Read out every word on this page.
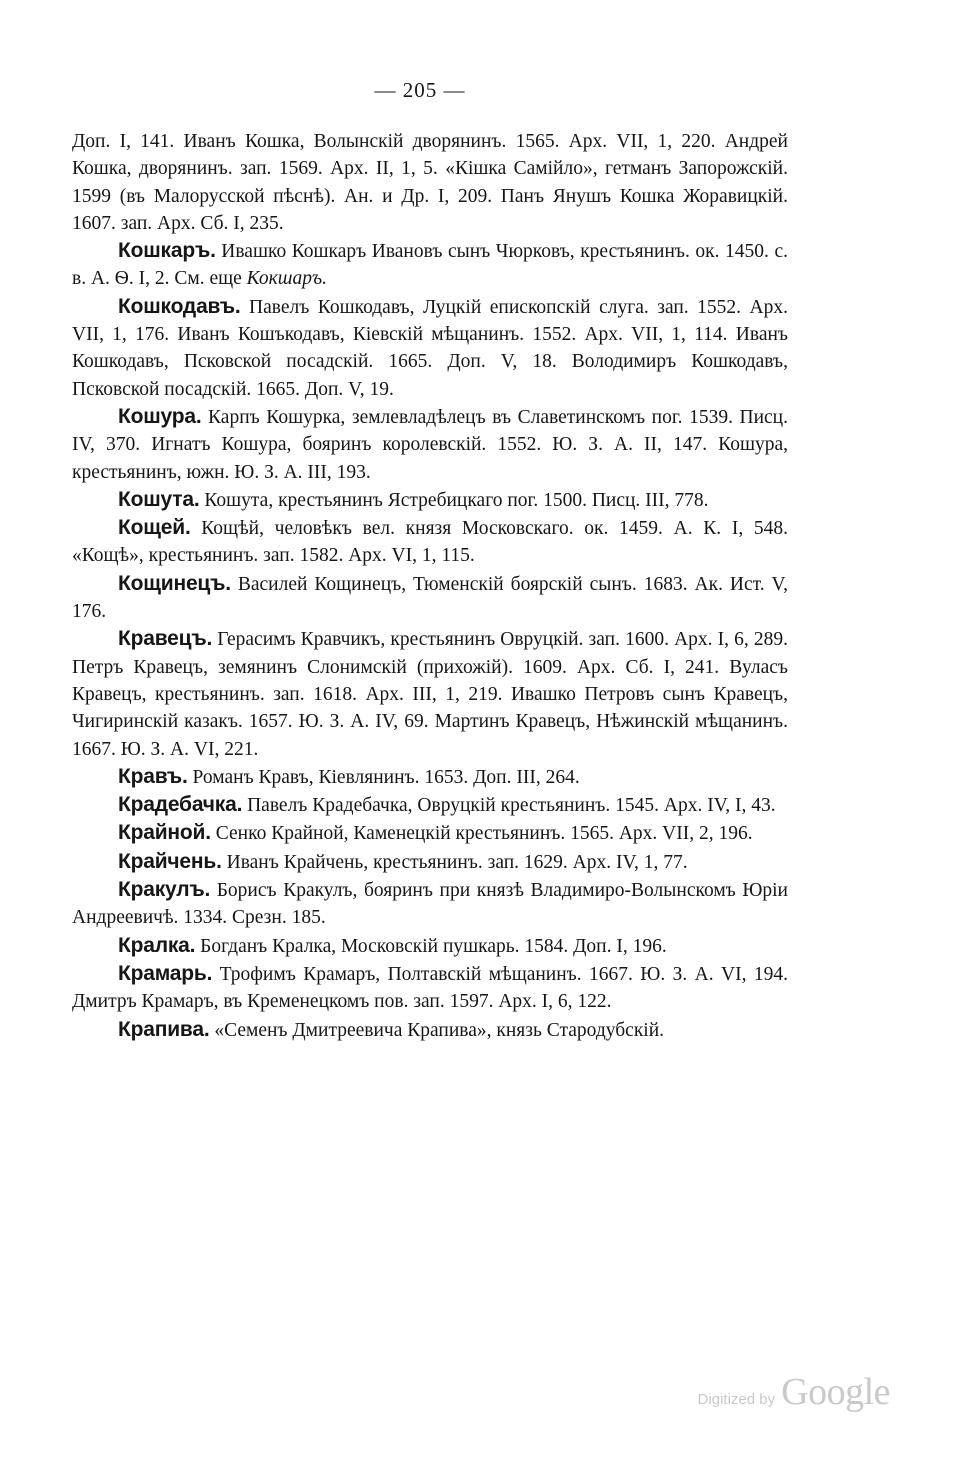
— 205 —

Доп. I, 141. Иванъ Кошка, Волынскій дворянинъ. 1565. Арх. VII, 1, 220. Андрей Кошка, дворянинъ. зап. 1569. Арх. II, 1, 5. «Кішка Самійло», гетманъ Запорожскій. 1599 (въ Малорусской пѣснѣ). Ан. и Др. I, 209. Панъ Янушъ Кошка Жоравицкій. 1607. зап. Арх. Сб. I, 235.

Кошкаръ. Ивашко Кошкаръ Ивановъ сынъ Чюрковъ, крестьянинъ. ок. 1450. с. в. А. Ѳ. I, 2. См. еще Кокшаръ.

Кошкодавъ. Павелъ Кошкодавъ, Луцкій епископскій слуга. зап. 1552. Арх. VII, 1, 176. Иванъ Кошъкодавъ, Кіевскій мѣщанинъ. 1552. Арх. VII, 1, 114. Иванъ Кошкодавъ, Псковской посадскій. 1665. Доп. V, 18. Володимиръ Кошкодавъ, Псковской посадскій. 1665. Доп. V, 19.

Кошура. Карпъ Кошурка, землевладѣлецъ въ Славетинскомъ пог. 1539. Писц. IV, 370. Игнатъ Кошура, бояринъ королевскій. 1552. Ю. З. А. II, 147. Кошура, крестьянинъ, южн. Ю. З. А. III, 193.

Кошута. Кошута, крестьянинъ Ястребицкаго пог. 1500. Писц. III, 778.

Кощей. Кощѣй, человѣкъ вел. князя Московскаго. ок. 1459. А. К. I, 548. «Кощѣ», крестьянинъ. зап. 1582. Арх. VI, 1, 115.

Кощинецъ. Василей Кощинецъ, Тюменскій боярскій сынъ. 1683. Ак. Ист. V, 176.

Кравецъ. Герасимъ Кравчикъ, крестьянинъ Овруцкій. зап. 1600. Арх. I, 6, 289. Петръ Кравецъ, земянинъ Слонимскій (прихожій). 1609. Арх. Сб. I, 241. Вуласъ Кравецъ, крестьянинъ. зап. 1618. Арх. III, 1, 219. Ивашко Петровъ сынъ Кравецъ, Чигиринскій казакъ. 1657. Ю. З. А. IV, 69. Мартинъ Кравецъ, Нѣжинскій мѣщанинъ. 1667. Ю. З. А. VI, 221.

Кравъ. Романъ Кравъ, Кіевлянинъ. 1653. Доп. III, 264.

Крадебачка. Павелъ Крадебачка, Овруцкій крестьянинъ. 1545. Арх. IV, I, 43.

Крайной. Сенко Крайной, Каменецкій крестьянинъ. 1565. Арх. VII, 2, 196.

Крайчень. Иванъ Крайчень, крестьянинъ. зап. 1629. Арх. IV, 1, 77.

Кракулъ. Борисъ Кракулъ, бояринъ при князѣ Владимиро-Волынскомъ Юріи Андреевичѣ. 1334. Срезн. 185.

Кралка. Богданъ Кралка, Московскій пушкарь. 1584. Доп. I, 196.

Крамарь. Трофимъ Крамаръ, Полтавскій мѣщанинъ. 1667. Ю. З. А. VI, 194. Дмитръ Крамаръ, въ Кременецкомъ пов. зап. 1597. Арх. I, 6, 122.

Крапива. «Семенъ Дмитреевича Крапива», князь Стародубскій.

Digitized by Google
